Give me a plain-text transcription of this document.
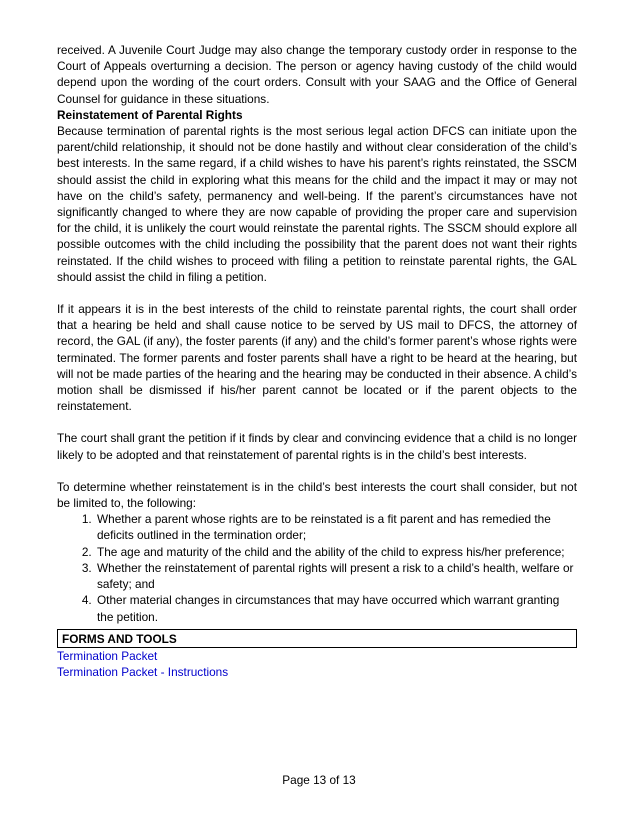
received. A Juvenile Court Judge may also change the temporary custody order in response to the Court of Appeals overturning a decision. The person or agency having custody of the child would depend upon the wording of the court orders. Consult with your SAAG and the Office of General Counsel for guidance in these situations.

Reinstatement of Parental Rights

Because termination of parental rights is the most serious legal action DFCS can initiate upon the parent/child relationship, it should not be done hastily and without clear consideration of the child’s best interests. In the same regard, if a child wishes to have his parent’s rights reinstated, the SSCM should assist the child in exploring what this means for the child and the impact it may or may not have on the child’s safety, permanency and well-being. If the parent’s circumstances have not significantly changed to where they are now capable of providing the proper care and supervision for the child, it is unlikely the court would reinstate the parental rights. The SSCM should explore all possible outcomes with the child including the possibility that the parent does not want their rights reinstated. If the child wishes to proceed with filing a petition to reinstate parental rights, the GAL should assist the child in filing a petition.

If it appears it is in the best interests of the child to reinstate parental rights, the court shall order that a hearing be held and shall cause notice to be served by US mail to DFCS, the attorney of record, the GAL (if any), the foster parents (if any) and the child’s former parent’s whose rights were terminated. The former parents and foster parents shall have a right to be heard at the hearing, but will not be made parties of the hearing and the hearing may be conducted in their absence. A child’s motion shall be dismissed if his/her parent cannot be located or if the parent objects to the reinstatement.

The court shall grant the petition if it finds by clear and convincing evidence that a child is no longer likely to be adopted and that reinstatement of parental rights is in the child’s best interests.

To determine whether reinstatement is in the child’s best interests the court shall consider, but not be limited to, the following:

1. Whether a parent whose rights are to be reinstated is a fit parent and has remedied the deficits outlined in the termination order;
2. The age and maturity of the child and the ability of the child to express his/her preference;
3. Whether the reinstatement of parental rights will present a risk to a child’s health, welfare or safety; and
4. Other material changes in circumstances that may have occurred which warrant granting the petition.
FORMS AND TOOLS
Termination Packet
Termination Packet - Instructions
Page 13 of 13
